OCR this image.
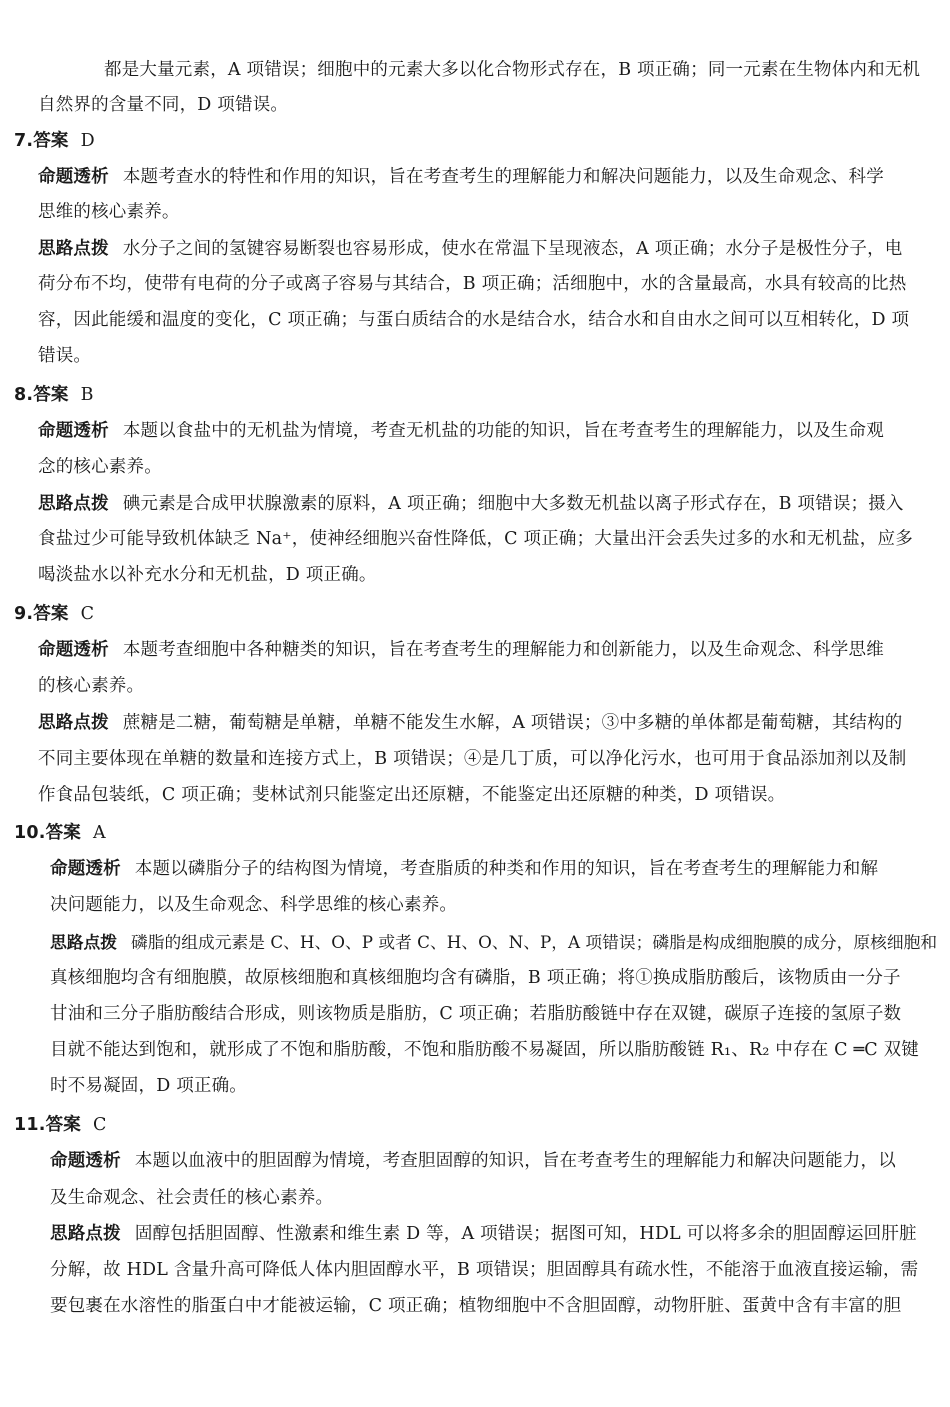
都是大量元素，A 项错误；细胞中的元素大多以化合物形式存在，B 项正确；同一元素在生物体内和无机
自然界的含量不同，D 项错误。
7.答案 D
命题透析 本题考查水的特性和作用的知识，旨在考查考生的理解能力和解决问题能力，以及生命观念、科学
思维的核心素养。
思路点拨 水分子之间的氢键容易断裂也容易形成，使水在常温下呈现液态，A 项正确；水分子是极性分子，电
荷分布不均，使带有电荷的分子或离子容易与其结合，B 项正确；活细胞中，水的含量最高，水具有较高的比热
容，因此能缓和温度的变化，C 项正确；与蛋白质结合的水是结合水，结合水和自由水之间可以互相转化，D 项
错误。
8.答案 B
命题透析 本题以食盐中的无机盐为情境，考查无机盐的功能的知识，旨在考查考生的理解能力，以及生命观
念的核心素养。
思路点拨 碘元素是合成甲状腺激素的原料，A 项正确；细胞中大多数无机盐以离子形式存在，B 项错误；摄入
食盐过少可能导致机体缺乏 Na⁺，使神经细胞兴奋性降低，C 项正确；大量出汗会丢失过多的水和无机盐，应多
喝淡盐水以补充水分和无机盐，D 项正确。
9.答案 C
命题透析 本题考查细胞中各种糖类的知识，旨在考查考生的理解能力和创新能力，以及生命观念、科学思维
的核心素养。
思路点拨 蔗糖是二糖，葡萄糖是单糖，单糖不能发生水解，A 项错误；③中多糖的单体都是葡萄糖，其结构的
不同主要体现在单糖的数量和连接方式上，B 项错误；④是几丁质，可以净化污水，也可用于食品添加剂以及制
作食品包装纸，C 项正确；斐林试剂只能鉴定出还原糖，不能鉴定出还原糖的种类，D 项错误。
10.答案 A
命题透析 本题以磷脂分子的结构图为情境，考查脂质的种类和作用的知识，旨在考查考生的理解能力和解
决问题能力，以及生命观念、科学思维的核心素养。
思路点拨 磷脂的组成元素是 C、H、O、P 或者 C、H、O、N、P，A 项错误；磷脂是构成细胞膜的成分，原核细胞和
真核细胞均含有细胞膜，故原核细胞和真核细胞均含有磷脂，B 项正确；将①换成脂肪酸后，该物质由一分子
甘油和三分子脂肪酸结合形成，则该物质是脂肪，C 项正确；若脂肪酸链中存在双键，碳原子连接的氢原子数
目就不能达到饱和，就形成了不饱和脂肪酸，不饱和脂肪酸不易凝固，所以脂肪酸链 R₁、R₂ 中存在 C ═C 双键
时不易凝固，D 项正确。
11.答案 C
命题透析 本题以血液中的胆固醇为情境，考查胆固醇的知识，旨在考查考生的理解能力和解决问题能力，以
及生命观念、社会责任的核心素养。
思路点拨 固醇包括胆固醇、性激素和维生素 D 等，A 项错误；据图可知，HDL 可以将多余的胆固醇运回肝脏
分解，故 HDL 含量升高可降低人体内胆固醇水平，B 项错误；胆固醇具有疏水性，不能溶于血液直接运输，需
要包裹在水溶性的脂蛋白中才能被运输，C 项正确；植物细胞中不含胆固醇，动物肝脏、蛋黄中含有丰富的胆
